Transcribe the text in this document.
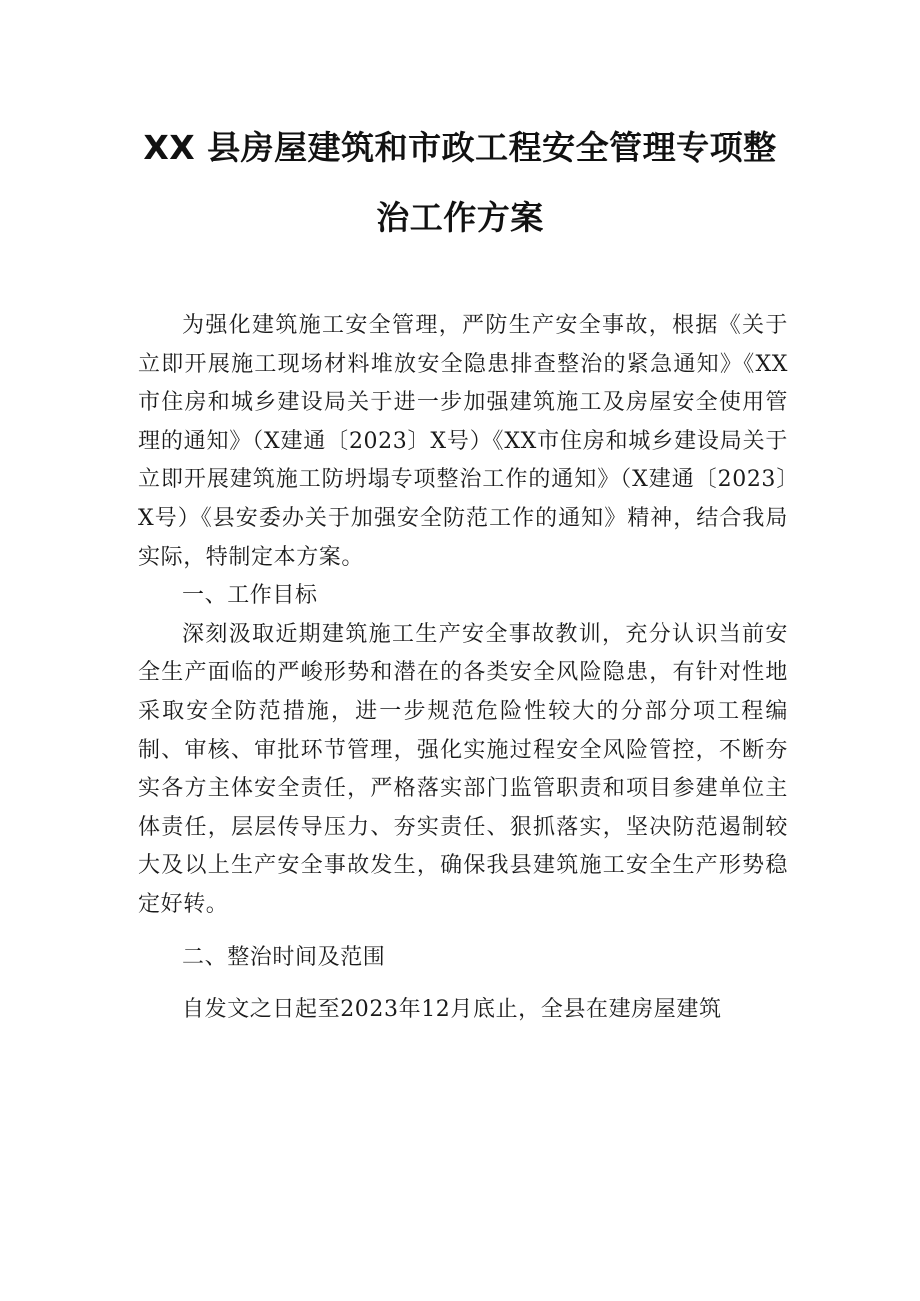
XX 县房屋建筑和市政工程安全管理专项整
治工作方案

为强化建筑施工安全管理，严防生产安全事故，根据《关于立即开展施工现场材料堆放安全隐患排查整治的紧急通知》《XX市住房和城乡建设局关于进一步加强建筑施工及房屋安全使用管理的通知》（X建通〔2023〕X号）《XX市住房和城乡建设局关于立即开展建筑施工防坍塌专项整治工作的通知》（X建通〔2023〕X号）《县安委办关于加强安全防范工作的通知》精神，结合我局实际，特制定本方案。

一、工作目标

深刻汲取近期建筑施工生产安全事故教训，充分认识当前安全生产面临的严峻形势和潜在的各类安全风险隐患，有针对性地采取安全防范措施，进一步规范危险性较大的分部分项工程编制、审核、审批环节管理，强化实施过程安全风险管控，不断夯实各方主体安全责任，严格落实部门监管职责和项目参建单位主体责任，层层传导压力、夯实责任、狠抓落实，坚决防范遏制较大及以上生产安全事故发生，确保我县建筑施工安全生产形势稳定好转。

二、整治时间及范围

自发文之日起至2023年12月底止，全县在建房屋建筑
